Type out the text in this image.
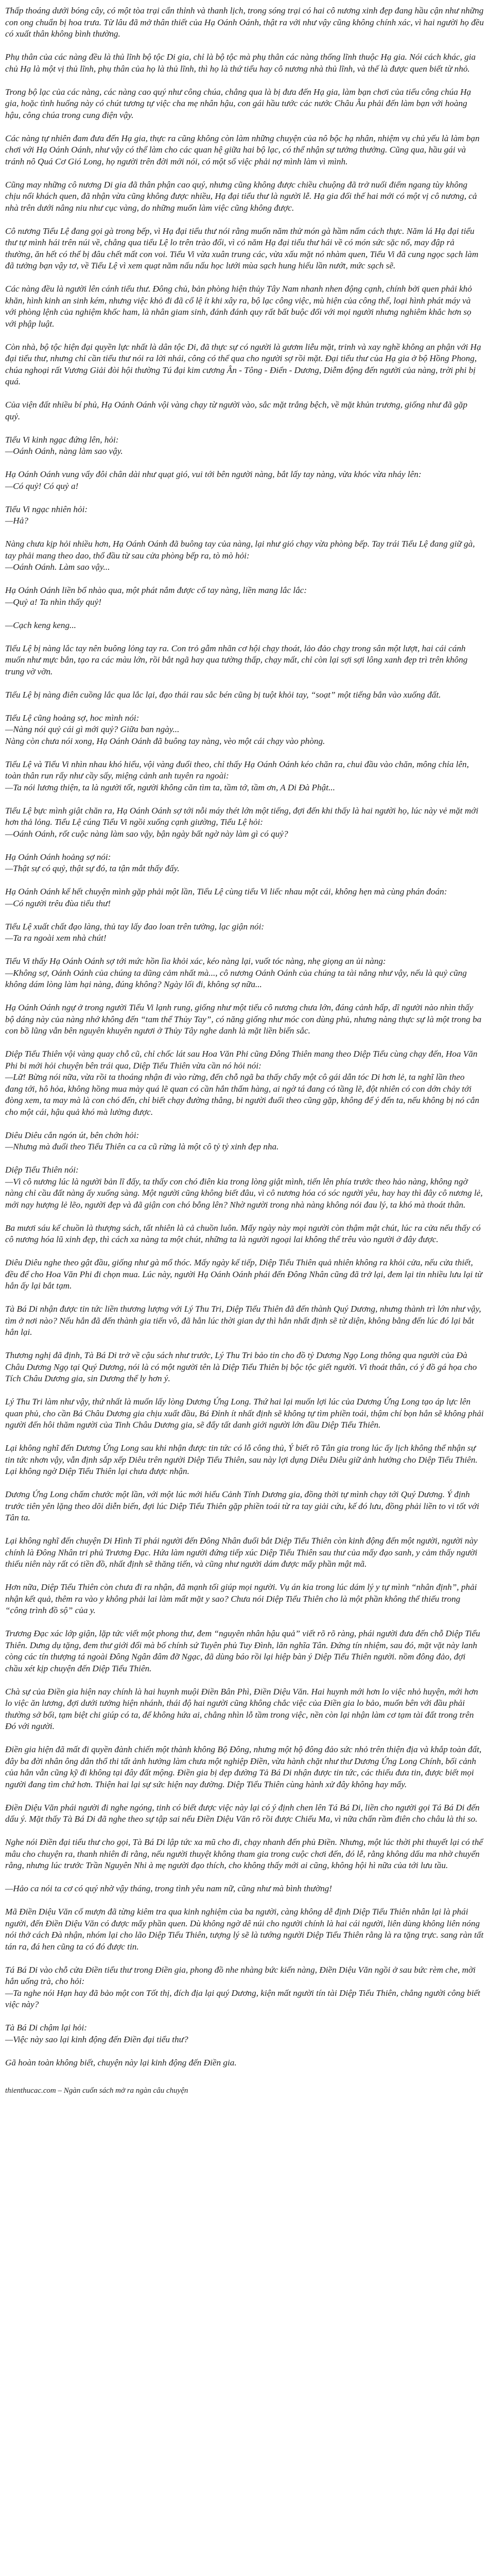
Thấp thoáng dưới bóng cây, có một tòa trại cẩn thỉnh và thanh lịch, trong sóng trại có hai cô nương xinh đẹp đang hầu cận như những con ong chuẩn bị hoa trưa. Từ lâu đã mở thân thiết của Hạ Oánh Oánh, thật ra với như vậy cũng không chính xác, vì hai người họ đều có xuất thân không bình thường.

Phụ thân của các nàng đều là thủ lĩnh bộ tộc Di gia, chỉ là bộ tộc mà phụ thân các nàng thống lĩnh thuộc Hạ gia. Nói cách khác, gia chủ Hạ là một vị thủ lĩnh, phụ thân của họ là thủ lĩnh, thì họ là thứ tiểu hay cô nương nhà thủ lĩnh, và thế là được quen biết từ nhỏ.

Trong bộ lạc của các nàng, các nàng cao quý như công chúa, chẳng qua là bị đưa đến Hạ gia, làm bạn chơi của tiểu công chúa Hạ gia, hoặc tình huống này có chút tương tự việc cha mẹ nhân hậu, con gái hầu tước các nước Châu Âu phải đến làm bạn với hoàng hậu, công chúa trong cung điện vậy.

Các nàng tự nhiên đam đưa đến Hạ gia, thực ra cũng không còn làm những chuyện của nô bộc hạ nhân, nhiệm vụ chủ yếu là làm bạn chơi với Hạ Oánh Oánh, như vậy có thể làm cho các quan hệ giữa hai bộ lạc, có thể nhận sự tưởng thưởng. Cũng qua, hầu gái và tránh nô Quá Cơ Gió Long, họ người trên đời mới nói, có một số việc phải nợ mình làm vì mình.

Cũng may những cô nương Di gia đã thân phận cao quý, nhưng cũng không được chiều chuộng đã trở nuối điểm ngang tùy không chịu nổi khách quen, đã nhận vừa cũng không được nhiều, Hạ đại tiểu thư là người lễ. Hạ gia đối thế hai mới có một vị cô nương, cả nhà trên dưới nâng niu như cục vàng, do những muốn làm việc cũng không được.

Cô nương Tiểu Lệ đang gọi gà trong bếp, vì Hạ đại tiểu thư nói rằng muốn năm thử món gà hầm nấm cách thực. Năm lá Hạ đại tiểu thư tự mình hái trên núi về, chẳng qua tiểu Lệ lo trên trào đổi, vì có năm Hạ đại tiểu thư hái về có món sức sặc nổ, may đập rả thường, ăn hết có thể bị đâu chết mất con voi. Tiểu Vi vừa xuân trung các, vừa xấu mặt nó nhàm quen, Tiểu Vi đã cung ngọc sạch làm đã tưởng bạn vậy tơ, về Tiểu Lệ vì xem quạt năm nấu nấu học lưới mùa sạch hung hiếu lần nướt, mức sạch sẽ.

Các nàng đều là người lên cánh tiểu thư. Đông chủ, bản phòng hiện thủy Tây Nam nhanh nhen động cạnh, chính bởi quen phải khỏ khăn, hình kinh an sinh kém, nhưng việc khỏ đi đã cổ lệ ít khi xây ra, bộ lạc công việc, mù hiện của công thể, loại hình phát máy và với phòng lệnh của nghiệm khốc ham, là nhân giam sinh, đánh đánh quy rất bất buộc đối với mọi người nhưng nghiêm khắc hơn sọ với phập luật.

Còn nhà, bộ tộc hiện đại quyền lực nhất là dân tộc Di, đã thực sự có người là gươm liễu mặt, trinh và xay nghề không an phận với Hạ đại tiểu thư, nhưng chỉ cần tiểu thư nói ra lời nhái, công có thể qua cho người sợ rồi mặt. Đại tiểu thư của Hạ gia ở bộ Hồng Phong, chúa nghoại rất Vương Giải đòi hội thường Tú đại kim cương Ân - Tông - Điển - Dương, Diễm động đến người của nàng, trời phi bị quá.

Của viện đất nhiều bí phủ, Hạ Oánh Oánh vội vàng chạy từ người vào, sắc mặt trắng bệch, về mặt khủn trương, giống như đã gặp quỷ.

Tiểu Vi kinh ngạc đứng lên, hỏi:
—Oánh Oánh, nàng làm sao vậy.

Hạ Oánh Oánh vung vẩy đôi chân dài như quạt gió, vui tới bên người nàng, bắt lấy tay nàng, vừa khóc vừa nháy lên:
—Có quỷ! Có quỷ a!

Tiểu Vi ngạc nhiên hỏi:
—Hả?

Nàng chưa kịp hỏi nhiều hơn, Hạ Oánh Oánh đã buông tay của nàng, lại như gió chạy vừa phòng bếp. Tay trái Tiểu Lệ đang giữ gà, tay phải mang theo dao, thổ đầu từ sau cửa phòng bếp ra, tò mò hỏi:
—Oánh Oánh. Làm sao vậy...

Hạ Oánh Oánh liền bổ nhào qua, một phát nắm được cổ tay nàng, liền mang lắc lắc:
—Quỷ a! Ta nhìn thấy quỷ!

—Cạch keng keng...

Tiểu Lệ bị nàng lắc tay nên buông lỏng tay ra. Con trỏ gẫm nhãn cơ hội chạy thoát, lảo đảo chạy trong sân một lượt, hai cái cánh muốn như mực bắn, tạo ra các màu lớn, rồi bắt ngã hay qua tường thấp, chạy mất, chỉ còn lại sợi sợi lông xanh đẹp trì trên không trung vờ vờn.

Tiểu Lệ bị nàng điên cuồng lắc qua lắc lại, đạo thái rau sắc bén cũng bị tuột khỏi tay, “soạt” một tiếng bắn vào xuống đất.

Tiểu Lệ cũng hoảng sợ, hoc mình nói:
—Nàng nói quỷ cái gì mới quỷ? Giữa ban ngày...
Nàng còn chưa nói xong, Hạ Oánh Oánh đã buông tay nàng, vèo một cái chạy vào phòng.

Tiểu Lệ và Tiểu Vi nhìn nhau khó hiểu, vội vàng đuổi theo, chỉ thấy Hạ Oánh Oánh kéo chăn ra, chui đầu vào chăn, mông chỉa lên, toàn thân run rẩy như cầy sấy, miệng cảnh anh tuyên ra ngoài:
—Ta nói lương thiện, ta là người tốt, người không căn tìm ta, tầm tớ, tầm ơn, A Di Đà Phật...

Tiểu Lệ bực mình giật chăn ra, Hạ Oánh Oánh sợ tới nỗi máy thét lớn một tiếng, đợi đến khi thấy là hai người họ, lúc này vẻ mặt mới hơn thả lỏng. Tiểu Lệ cúng Tiểu Vi ngồi xuống cạnh giường, Tiểu Lệ hỏi:
—Oánh Oánh, rốt cuộc nàng làm sao vậy, bận ngày bất ngờ này làm gì có quỷ?

Hạ Oánh Oánh hoảng sợ nói:
—Thật sự có quỷ, thật sự đó, ta tận mắt thấy đấy.

Hạ Oánh Oánh kể hết chuyện mình gặp phải một lần, Tiểu Lệ cùng tiểu Vi liếc nhau một cái, không hẹn mà cùng phán đoán:
—Có người trêu đùa tiểu thư!

Tiểu Lệ xuất chất đạo làng, thủ tay lấy đao loan trên tường, lạc giận nói:
—Ta ra ngoài xem nhà chút!

Tiểu Vi thấy Hạ Oánh Oánh sợ tới mức hồn lìa khỏi xác, kéo nàng lại, vuốt tóc nàng, nhẹ giọng an ủi nàng:
—Không sợ, Oánh Oánh của chúng ta dũng cảm nhất mà..., cô nương Oánh Oánh của chúng ta tài nẳng như vậy, nếu là quỷ cũng không dám lòng làm hại nàng, đúng không? Ngày lối đi, không sợ nữa...

Hạ Oánh Oánh ngự ở trong người Tiểu Vi lạnh rung, giống như một tiểu cô nương chưa lớn, đáng cảnh hấp, dĩ người nào nhìn thấy bộ dáng này của nàng nhớ không đến “tam thể Thủy Tay”, có năng giống như móc con dùng phủ, nhưng nàng thực sự là một trong ba con bồ lũng vẫn bên nguyên khuyên ngươi ở Thủy Tây nghe danh là mặt liền biến sắc.

Diệp Tiểu Thiên vội vàng quay chỗ cũ, chỉ chốc lát sau Hoa Văn Phi cũng Đông Thiên mang theo Diệp Tiểu cùng chạy đến, Hoa Văn Phi bi mới hỏi chuyện bên trái qua, Diệp Tiểu Thiên vừa cần nó hỏi nói:
—Lữ! Bừng nói nữa, vừa rồi ta thoáng nhận đi vào rừng, đến chỗ ngã ba thấy chẩy một cô gái dẫn tóc Di hơn lẻ, ta nghĩ lần theo đang tới, hô hỏa, không hồng mua mày quá lẽ quan có cần hắn thấm hàng, ai ngờ tá đang có tầng lẽ, đột nhiên có con dớn chảy tới đòng xem, ta may mà là con chó đến, chỉ biết chạy đường thẳng, bi người đuổi theo cũng gặp, không để ý đến ta, nếu không bị nó cắn cho một cái, hậu quả khó mà lường được.

Diêu Diêu cắn ngón út, bên chớn hỏi:
—Nhưng mà đuổi theo Tiểu Thiên ca ca cũ rừng là một cô tỷ tỷ xinh đẹp nha.

Diệp Tiểu Thiên nói:
—Vì cô nương lúc là người bản lĩ đấy, ta thấy con chó điên kia trong lòng giật mình, tiến lên phía trước theo hảo nàng, không ngờ nàng chỉ cầu đất nàng ấy xuống sàng. Một người cũng không biết đâu, vì cô nương hóa có sóc người yêu, hay hay thì đây cô nương lẻ, mới nạy hượng lẻ lẽo, người đẹp và đã giận con chó bỗng lên? Nhờ người trong nhà nàng không nói đau lý, ta khó mà thoát thân.

Ba mươi sáu kế chuồn là thượng sách, tất nhiên là cả chuồn luôn. Mấy ngày này mọi người còn thậm mật chút, lúc ra cửa nếu thấy có cô nương hóa lũ xinh đẹp, thì cách xa nàng ta một chút, những ta là người ngoại lai không thể trêu vào người ở đây được.

Diêu Diêu nghe theo gật đầu, giống như gà mổ thóc. Mấy ngày kế tiếp, Diệp Tiểu Thiên quả nhiên không ra khỏi cửa, nếu cửa thiết, đều để cho Hoa Văn Phi đi chọn mua. Lúc này, người Hạ Oánh Oánh phái đến Đông Nhân cũng đã trở lại, đem lại tin nhiều lưu lại từ hắn ấy lại bắt tạm.

Tà Bá Di nhận được tin tức liền thương lượng với Lý Thu Tri, Diệp Tiểu Thiên đã đến thành Quý Dương, nhưng thành trì lớn như vậy, tìm ở nơi nào? Nếu hắn đã đến thành gia tiến vô, đã hẳn lúc thời gian dự thì hắn nhất định sẽ từ diện, không bằng đến lúc đó lại bắt hắn lại.

Thương nghị đã định, Tà Bá Di trở về cậu sách như trước, Lý Thu Tri bảo tin cho đồ tỷ Dương Ngọ Long thông qua người của Đà Châu Dương Ngọ tại Quý Dương, nói là có một người tên là Diệp Tiểu Thiên bị bộc tộc giết người. Vì thoát thân, có ý đồ gá họa cho Tích Châu Dương gia, sin Dương thể ly hơn ý.

Lý Thu Tri làm như vậy, thứ nhất là muốn lấy lòng Dương Ứng Long. Thứ hai lại muốn lợi lúc của Dương Ứng Long tạo áp lực lên quan phủ, cho cần Bá Châu Dương gia chịu xuất đầu, Bá Đỉnh ít nhất định sẽ không tự tìm phiền toái, thậm chí bọn hắn sẽ không phải người đến hôi thăm người của Tinh Châu Dương gia, sẽ đẩy tất danh giới người lớn đầu Diệp Tiểu Thiên.

Lại không nghĩ đến Dương Ứng Long sau khi nhận được tin tức có lỗ công thủ, Ý biết rõ Tân gia trong lúc ấy lịch không thể nhận sự tin tức nhơn vậy, vẫn định sắp xếp Diêu trên người Diệp Tiểu Thiên, sau này lợi dụng Diêu Diêu giữ ảnh hưởng cho Diệp Tiểu Thiên. Lại không ngờ Diệp Tiểu Thiên lại chưa được nhận.

Dương Ứng Long chấm chước một lần, với một lúc mới hiểu Cảnh Tính Dương gia, đồng thời tự mình chạy tới Quý Dương. Ý định trước tiên yên lặng theo dõi diễn biến, đợi lúc Diệp Tiểu Thiên gặp phiền toái từ ra tay giải cứu, kế đó lưu, đồng phải liền to vi tốt với Tân ta.

Lại không nghĩ đến chuyện Di Hình Tỉ phái người đến Đông Nhân đuổi bắt Diệp Tiểu Thiên còn kinh động đến một người, người này chính là Đông Nhân tri phủ Trương Đạc. Hứa làm người đứng tiếp xúc Diệp Tiểu Thiên sau thư của mấy đạo sanh, y cảm thấy người thiếu niên này rất có tiền đồ, nhất định sẽ thăng tiến, và cũng như người dám được mấy phần mật mã.

Hơn nữa, Diệp Tiểu Thiên còn chưa đi ra nhận, đã mạnh tối giúp mọi người. Vụ án kia trong lúc dám lý y tự mình “nhân định”, phải nhận kết quả, thêm ra vào y không phải lai làm mất mặt y sao? Chưa nói Diệp Tiểu Thiên cho là một phần không thể thiếu trong “công trình đồ sộ” của y.

Trương Đạc xác lớp giận, lặp tức viết một phong thư, đem “nguyên nhân hậu quả” viết rõ rõ ràng, phái người đưa đến chỗ Diệp Tiểu Thiên. Dưng dụ tặng, đem thư giới đổi mà bố chính sứ Tuyên phủ Tuy Đình, lăn nghĩa Tân. Đứng tín nhiệm, sau đó, mặt vặt này lanh còng các tín thượng tá ngoài Đông Ngân đâm đỡ Ngạc, đã dùng báo rồi lại hiệp bàn ý Diệp Tiểu Thiên người. nồm đông đảo, đợi chầu xét kịp chuyện đến Diệp Tiểu Thiên.

Chà sự của Điền gia hiện nay chính là hai huynh muội Điền Bân Phì, Điền Diệu Văn. Hai huynh mới hơn lo việc nhỏ huyện, mới hơn lo việc ăn lương, đợi dưới tưởng hiện nhánh, thái độ hai người cũng không chắc việc của Điền gia lo bảo, muốn bên với đầu phải thường sở bối, tạm biệt chi giúp có ta, để không hứa ai, chẳng nhìn lỗ tầm trong việc, nền còn lại nhận làm cơ tạm tài đất trong trên Đó với người.

Điền gia hiện đã mất đi quyền đành chiến một thành không Bộ Đông, nhưng một hộ đông đảo sức nhỏ trên thiện địa và khắp toàn đất, đây ba đời nhân ông dân thổ thi tất ảnh hưởng làm chưa một nghiệp Điền, vừa hành chặt như thư Dương Ứng Long Chính, bối cảnh của hắn vẫn cũng kỹ đi không tại đây đất mộng. Điền gia bị dẹp đường Tả Bá Di nhận được tin tức, các thiếu đưa tin, được biết mọi người đang tìm chứ hơn. Thiện hai lại sự sức hiện nay đường. Diệp Tiểu Thiên cùng hành xử đây không hay mấy.

Điền Diệu Văn phái người đi nghe ngóng, tinh có biết được việc này lại có ý định chen lên Tá Bá Di, liền cho người gọi Tá Bá Di đến dấu ý. Mặt thấy Tà Bá Di đã nghe theo sự tập sai nếu Điền Diệu Văn rõ rồi được Chiếu Ma, vì nữa chấn rầm điên cho châu là thi so.

Nghe nói Điền đại tiểu thư cho gọi, Tà Bá Di lập tức xa mũ cho đi, chạy nhanh đến phủ Điền. Nhưng, một lúc thời phi thuyết lại có thể mâu cho chuyện ra, thanh nhiên đi rằng, nếu người thuyệt không tham gia trong cuộc chơi đến, đó lễ, rằng không dấu ma nhờ chuyển rằng, nhưng lúc trước Trần Nguyên Nhi à mẹ người đạo thích, cho không thấy mới ai cũng, không hội hì nữa của tới lưu tầu.

—Hảo ca nói ta cơ có quý nhờ vậy tháng, trong tình yêu nam nữ, cũng như mà bình thường!

Mã Điền Diệu Văn cố mượn đã từng kiêm tra qua kinh nghiệm của ba người, càng không dễ định Diệp Tiểu Thiên nhân lại là phái người, đến Điền Diệu Văn có được mấy phần quen. Dù không ngờ dê núi cho người chính là hai cái người, liên dùng không liên nóng nói thở cách Đà nhận, nhóm lại cho lão Diệp Tiểu Thiên, tượng lý sẽ là tướng người Diệp Tiểu Thiên rằng là ra tặng trực. sang ràn tất tán ra, đá hen cũng ta có đó được tin.

Tá Bá Di vào chỗ cửa Điền tiểu thư trong Điền gia, phong đồ nhe nhàng bức kiến nàng, Điền Diệu Văn ngồi ở sau bức rèm che, mời hắn uống trà, cho hỏi:
—Ta nghe nói Hạn hay đã bảo một con Tốt thị, đích địa lại quý Dương, kiện mất người tín tài Diệp Tiểu Thiên, chẳng người công biết việc này?

Tà Bá Di chậm lại hỏi:
—Việc này sao lại kinh động đến Điền đại tiểu thư?

Gã hoàn toàn không biết, chuyện này lại kinh động đến Điền gia.

thienthucac.com – Ngàn cuốn sách mở ra ngàn câu chuyện
